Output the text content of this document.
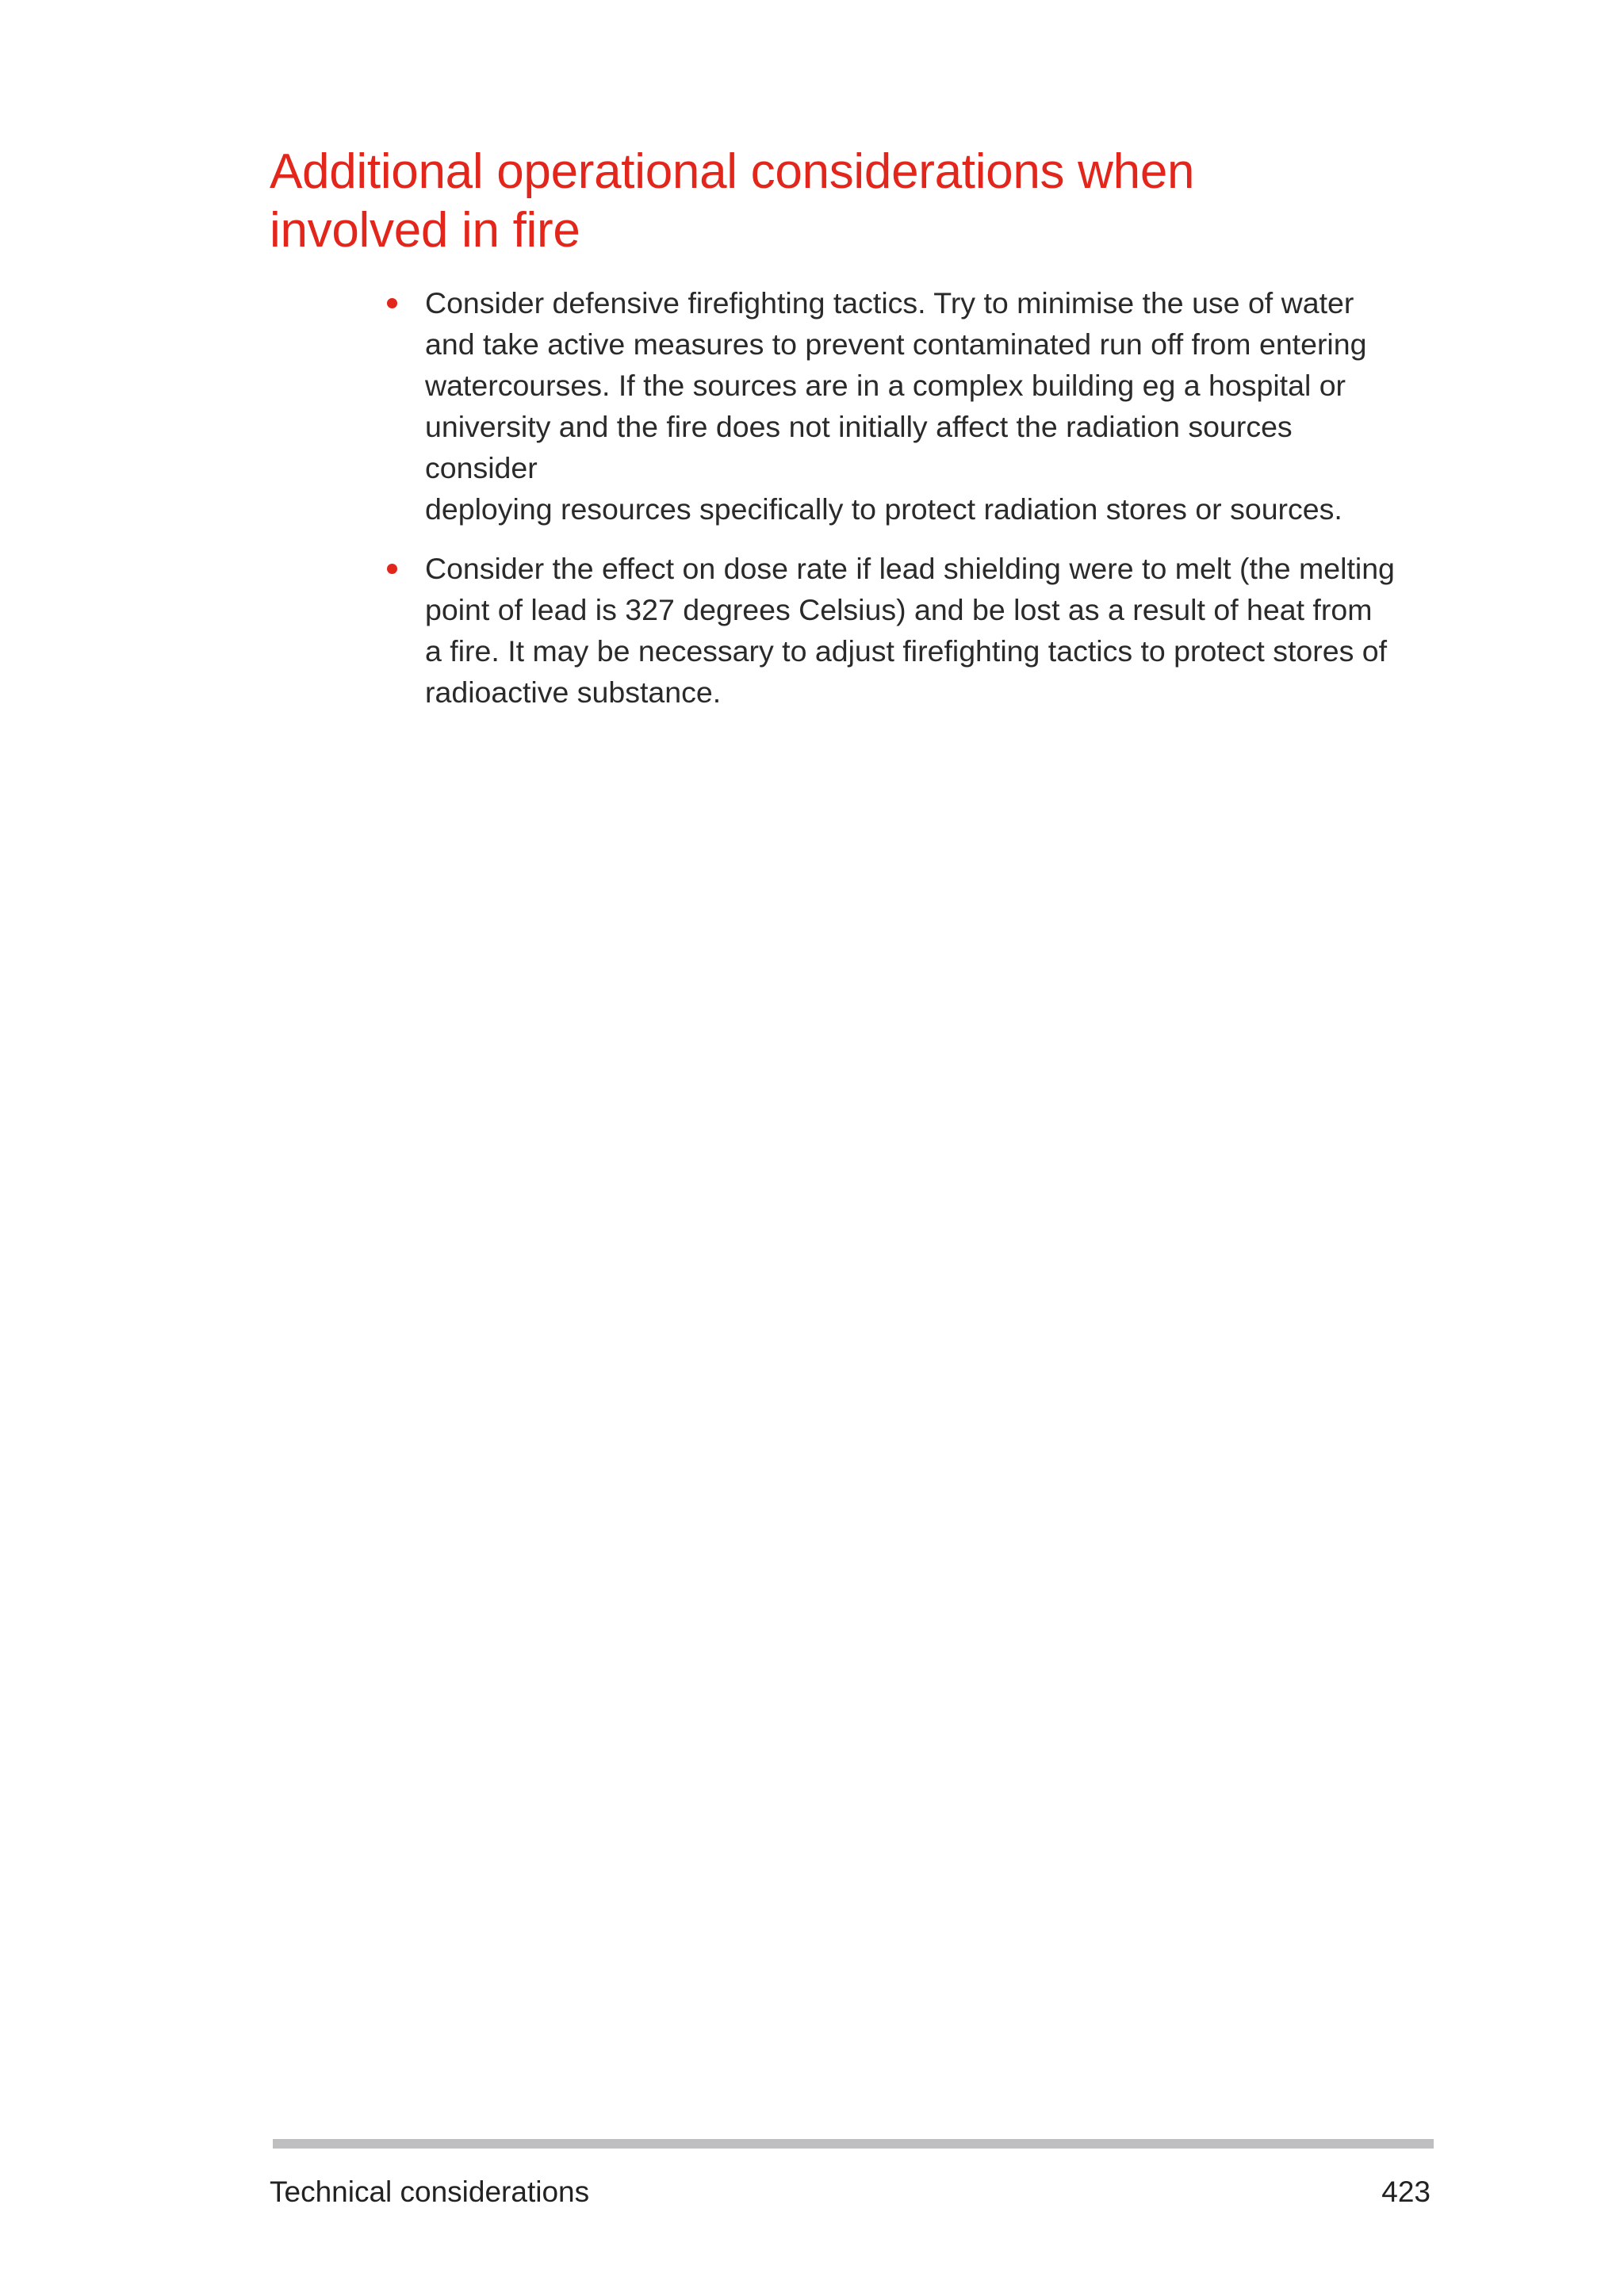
Additional operational considerations when
involved in fire
Consider defensive firefighting tactics. Try to minimise the use of water
and take active measures to prevent contaminated run off from entering
watercourses. If the sources are in a complex building eg a hospital or
university and the fire does not initially affect the radiation sources consider
deploying resources specifically to protect radiation stores or sources.
Consider the effect on dose rate if lead shielding were to melt (the melting
point of lead is 327 degrees Celsius) and be lost as a result of heat from
a fire. It may be necessary to adjust firefighting tactics to protect stores of
radioactive substance.
Technical considerations	423
